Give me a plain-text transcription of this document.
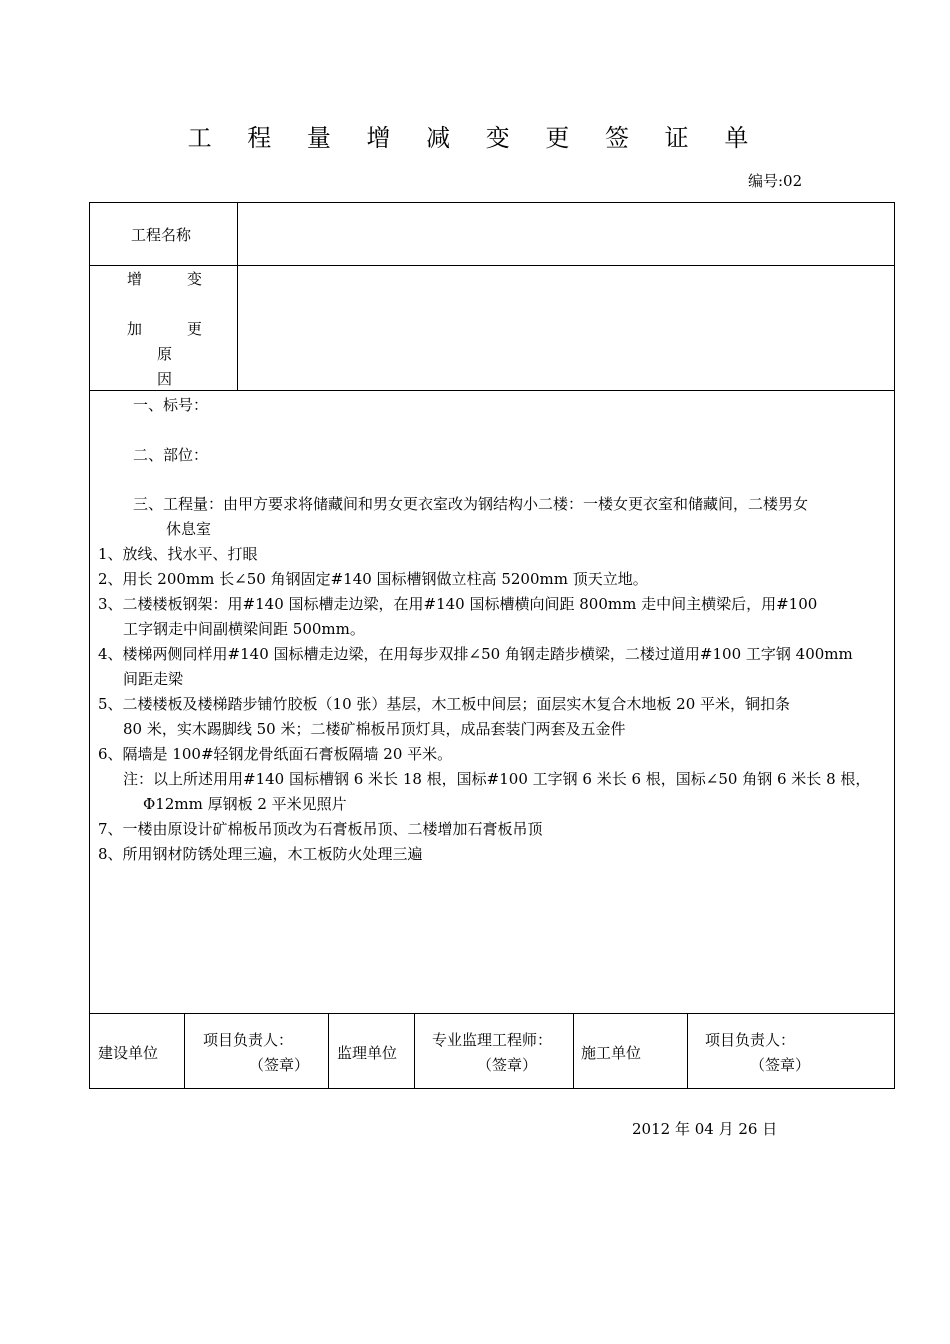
工 程 量 增 减 变 更 签 证 单
编号:02
工程名称
增	变
加	更
原
因
一、标号：
二、部位：
三、工程量：由甲方要求将储藏间和男女更衣室改为钢结构小二楼：一楼女更衣室和储藏间，二楼男女
休息室
1、放线、找水平、打眼
2、用长 200mm 长∠50 角钢固定#140 国标槽钢做立柱高 5200mm 顶天立地。
3、二楼楼板钢架：用#140 国标槽走边梁，在用#140 国标槽横向间距 800mm 走中间主横梁后，用#100
工字钢走中间副横梁间距 500mm。
4、楼梯两侧同样用#140 国标槽走边梁，在用每步双排∠50 角钢走踏步横梁，二楼过道用#100 工字钢 400mm
间距走梁
5、二楼楼板及楼梯踏步铺竹胶板（10 张）基层，木工板中间层；面层实木复合木地板 20 平米，铜扣条
80 米，实木踢脚线 50 米；二楼矿棉板吊顶灯具，成品套装门两套及五金件
6、隔墙是 100#轻钢龙骨纸面石膏板隔墙 20 平米。
注：以上所述用用#140 国标槽钢 6 米长 18 根，国标#100 工字钢 6 米长 6 根，国标∠50 角钢 6 米长 8 根，
Φ12mm 厚钢板 2 平米见照片
7、一楼由原设计矿棉板吊顶改为石膏板吊顶、二楼增加石膏板吊顶
8、所用钢材防锈处理三遍，木工板防火处理三遍
建设单位
项目负责人：
（签章）
监理单位
专业监理工程师：
（签章）
施工单位
项目负责人：
（签章）
2012 年 04 月 26 日
